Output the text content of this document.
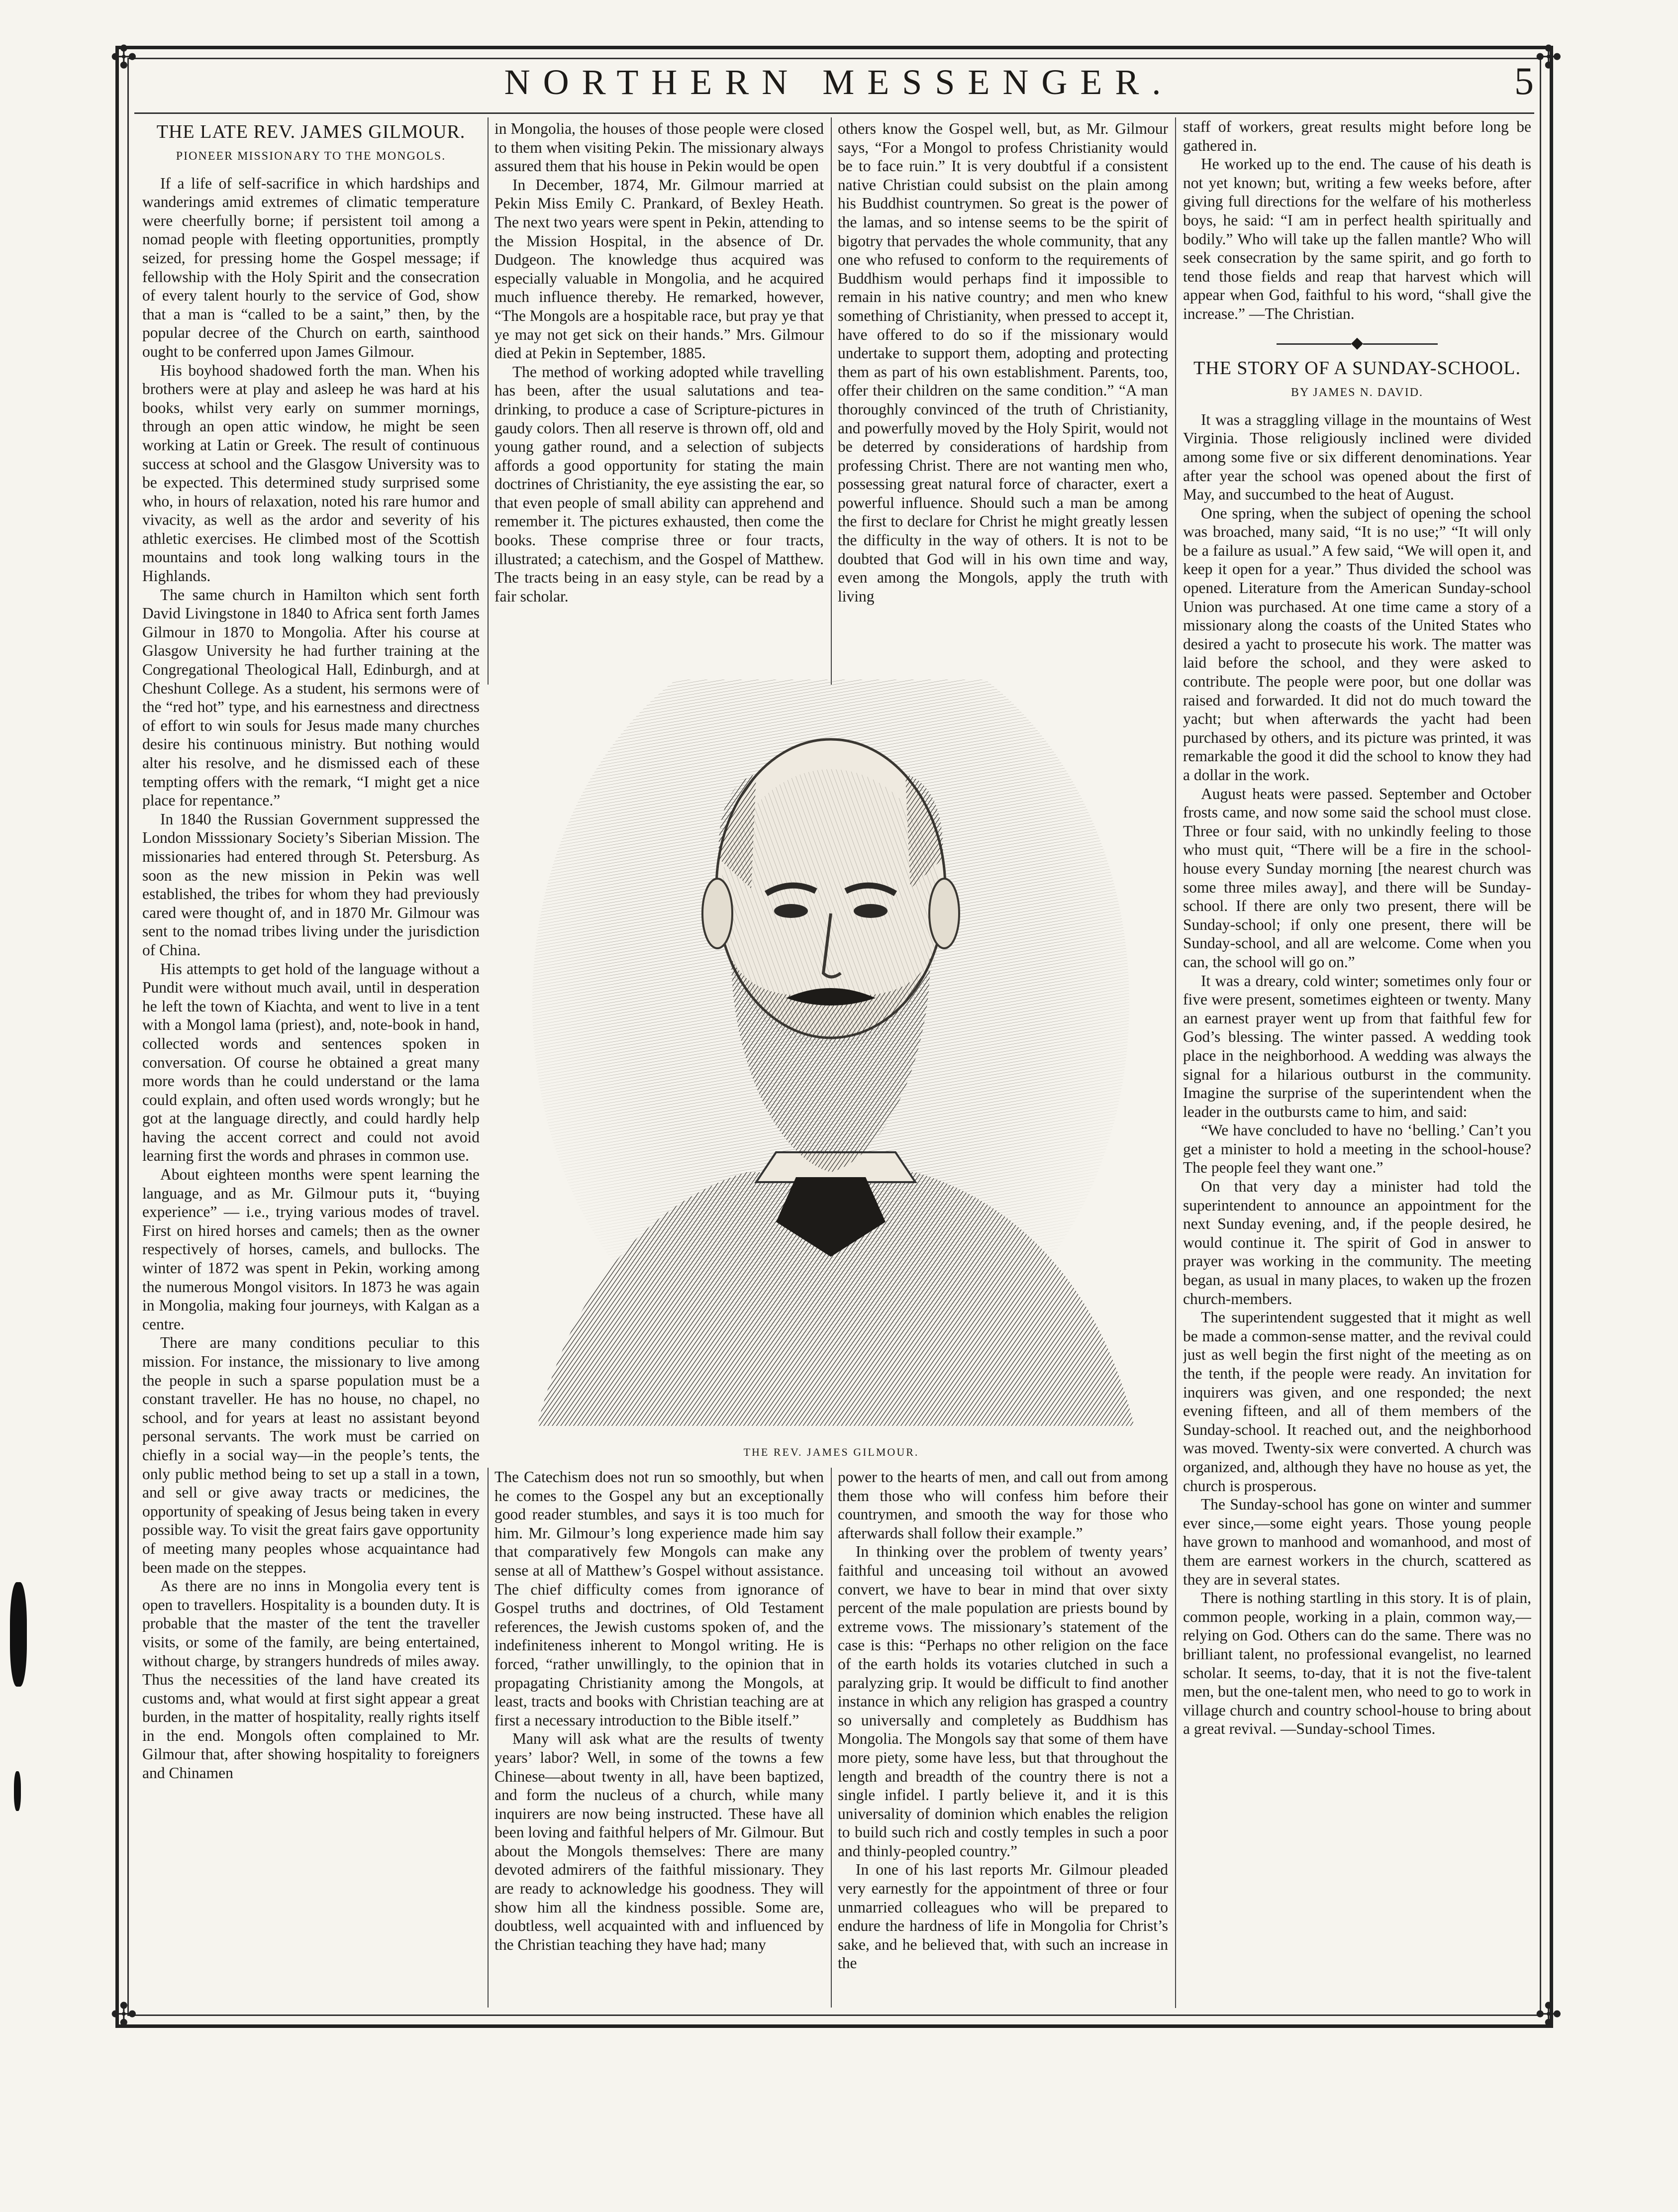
✣	✣
✣	✣
NORTHERN MESSENGER.	5
THE LATE REV. JAMES GILMOUR.
PIONEER MISSIONARY TO THE MONGOLS.

If a life of self-sacrifice in which hardships and wanderings amid extremes of climatic temperature were cheerfully borne; if persistent toil among a nomad people with fleeting opportunities, promptly seized, for pressing home the Gospel message; if fellowship with the Holy Spirit and the consecration of every talent hourly to the service of God, show that a man is “called to be a saint,” then, by the popular decree of the Church on earth, sainthood ought to be conferred upon James Gilmour.

His boyhood shadowed forth the man. When his brothers were at play and asleep he was hard at his books, whilst very early on summer mornings, through an open attic window, he might be seen working at Latin or Greek. The result of continuous success at school and the Glasgow University was to be expected. This determined study surprised some who, in hours of relaxation, noted his rare humor and vivacity, as well as the ardor and severity of his athletic exercises. He climbed most of the Scottish mountains and took long walking tours in the Highlands.

The same church in Hamilton which sent forth David Livingstone in 1840 to Africa sent forth James Gilmour in 1870 to Mongolia. After his course at Glasgow University he had further training at the Congregational Theological Hall, Edinburgh, and at Cheshunt College. As a student, his sermons were of the “red hot” type, and his earnestness and directness of effort to win souls for Jesus made many churches desire his continuous ministry. But nothing would alter his resolve, and he dismissed each of these tempting offers with the remark, “I might get a nice place for repentance.”

In 1840 the Russian Government suppressed the London Misssionary Society’s Siberian Mission. The missionaries had entered through St. Petersburg. As soon as the new mission in Pekin was well established, the tribes for whom they had previously cared were thought of, and in 1870 Mr. Gilmour was sent to the nomad tribes living under the jurisdiction of China.

His attempts to get hold of the language without a Pundit were without much avail, until in desperation he left the town of Kiachta, and went to live in a tent with a Mongol lama (priest), and, note-book in hand, collected words and sentences spoken in conversation. Of course he obtained a great many more words than he could understand or the lama could explain, and often used words wrongly; but he got at the language directly, and could hardly help having the accent correct and could not avoid learning first the words and phrases in common use.

About eighteen months were spent learning the language, and as Mr. Gilmour puts it, “buying experience” — i.e., trying various modes of travel. First on hired horses and camels; then as the owner respectively of horses, camels, and bullocks. The winter of 1872 was spent in Pekin, working among the numerous Mongol visitors. In 1873 he was again in Mongolia, making four journeys, with Kalgan as a centre.

There are many conditions peculiar to this mission. For instance, the missionary to live among the people in such a sparse population must be a constant traveller. He has no house, no chapel, no school, and for years at least no assistant beyond personal servants. The work must be carried on chiefly in a social way—in the people’s tents, the only public method being to set up a stall in a town, and sell or give away tracts or medicines, the opportunity of speaking of Jesus being taken in every possible way. To visit the great fairs gave opportunity of meeting many peoples whose acquaintance had been made on the steppes.

As there are no inns in Mongolia every tent is open to travellers. Hospitality is a bounden duty. It is probable that the master of the tent the traveller visits, or some of the family, are being entertained, without charge, by strangers hundreds of miles away. Thus the necessities of the land have created its customs and, what would at first sight appear a great burden, in the matter of hospitality, really rights itself in the end. Mongols often complained to Mr. Gilmour that, after showing hospitality to foreigners and Chinamen

in Mongolia, the houses of those people were closed to them when visiting Pekin. The missionary always assured them that his house in Pekin would be open

In December, 1874, Mr. Gilmour married at Pekin Miss Emily C. Prankard, of Bexley Heath. The next two years were spent in Pekin, attending to the Mission Hospital, in the absence of Dr. Dudgeon. The knowledge thus acquired was especially valuable in Mongolia, and he acquired much influence thereby. He remarked, however, “The Mongols are a hospitable race, but pray ye that ye may not get sick on their hands.” Mrs. Gilmour died at Pekin in September, 1885.

The method of working adopted while travelling has been, after the usual salutations and tea-drinking, to produce a case of Scripture-pictures in gaudy colors. Then all reserve is thrown off, old and young gather round, and a selection of subjects affords a good opportunity for stating the main doctrines of Christianity, the eye assisting the ear, so that even people of small ability can apprehend and remember it. The pictures exhausted, then come the books. These comprise three or four tracts, illustrated; a catechism, and the Gospel of Matthew. The tracts being in an easy style, can be read by a fair scholar.

others know the Gospel well, but, as Mr. Gilmour says, “For a Mongol to profess Christianity would be to face ruin.” It is very doubtful if a consistent native Christian could subsist on the plain among his Buddhist countrymen. So great is the power of the lamas, and so intense seems to be the spirit of bigotry that pervades the whole community, that any one who refused to conform to the requirements of Buddhism would perhaps find it impossible to remain in his native country; and men who knew something of Christianity, when pressed to accept it, have offered to do so if the missionary would undertake to support them, adopting and protecting them as part of his own establishment. Parents, too, offer their children on the same condition.” “A man thoroughly convinced of the truth of Christianity, and powerfully moved by the Holy Spirit, would not be deterred by considerations of hardship from professing Christ. There are not wanting men who, possessing great natural force of character, exert a powerful influence. Should such a man be among the first to declare for Christ he might greatly lessen the difficulty in the way of others. It is not to be doubted that God will in his own time and way, even among the Mongols, apply the truth with living

THE REV. JAMES GILMOUR.

The Catechism does not run so smoothly, but when he comes to the Gospel any but an exceptionally good reader stumbles, and says it is too much for him. Mr. Gilmour’s long experience made him say that comparatively few Mongols can make any sense at all of Matthew’s Gospel without assistance. The chief difficulty comes from ignorance of Gospel truths and doctrines, of Old Testament references, the Jewish customs spoken of, and the indefiniteness inherent to Mongol writing. He is forced, “rather unwillingly, to the opinion that in propagating Christianity among the Mongols, at least, tracts and books with Christian teaching are at first a necessary introduction to the Bible itself.”

Many will ask what are the results of twenty years’ labor? Well, in some of the towns a few Chinese—about twenty in all, have been baptized, and form the nucleus of a church, while many inquirers are now being instructed. These have all been loving and faithful helpers of Mr. Gilmour. But about the Mongols themselves: There are many devoted admirers of the faithful missionary. They are ready to acknowledge his goodness. They will show him all the kindness possible. Some are, doubtless, well acquainted with and influenced by the Christian teaching they have had; many

power to the hearts of men, and call out from among them those who will confess him before their countrymen, and smooth the way for those who afterwards shall follow their example.”

In thinking over the problem of twenty years’ faithful and unceasing toil without an avowed convert, we have to bear in mind that over sixty percent of the male population are priests bound by extreme vows. The missionary’s statement of the case is this: “Perhaps no other religion on the face of the earth holds its votaries clutched in such a paralyzing grip. It would be difficult to find another instance in which any religion has grasped a country so universally and completely as Buddhism has Mongolia. The Mongols say that some of them have more piety, some have less, but that throughout the length and breadth of the country there is not a single infidel. I partly believe it, and it is this universality of dominion which enables the religion to build such rich and costly temples in such a poor and thinly-peopled country.”

In one of his last reports Mr. Gilmour pleaded very earnestly for the appointment of three or four unmarried colleagues who will be prepared to endure the hardness of life in Mongolia for Christ’s sake, and he believed that, with such an increase in the

staff of workers, great results might before long be gathered in.

He worked up to the end. The cause of his death is not yet known; but, writing a few weeks before, after giving full directions for the welfare of his motherless boys, he said: “I am in perfect health spiritually and bodily.” Who will take up the fallen mantle? Who will seek consecration by the same spirit, and go forth to tend those fields and reap that harvest which will appear when God, faithful to his word, “shall give the increase.” —The Christian.

◆
THE STORY OF A SUNDAY-SCHOOL.
BY JAMES N. DAVID.

It was a straggling village in the mountains of West Virginia. Those religiously inclined were divided among some five or six different denominations. Year after year the school was opened about the first of May, and succumbed to the heat of August.

One spring, when the subject of opening the school was broached, many said, “It is no use;” “It will only be a failure as usual.” A few said, “We will open it, and keep it open for a year.” Thus divided the school was opened. Literature from the American Sunday-school Union was purchased. At one time came a story of a missionary along the coasts of the United States who desired a yacht to prosecute his work. The matter was laid before the school, and they were asked to contribute. The people were poor, but one dollar was raised and forwarded. It did not do much toward the yacht; but when afterwards the yacht had been purchased by others, and its picture was printed, it was remarkable the good it did the school to know they had a dollar in the work.

August heats were passed. September and October frosts came, and now some said the school must close. Three or four said, with no unkindly feeling to those who must quit, “There will be a fire in the school-house every Sunday morning [the nearest church was some three miles away], and there will be Sunday-school. If there are only two present, there will be Sunday-school; if only one present, there will be Sunday-school, and all are welcome. Come when you can, the school will go on.”

It was a dreary, cold winter; sometimes only four or five were present, sometimes eighteen or twenty. Many an earnest prayer went up from that faithful few for God’s blessing. The winter passed. A wedding took place in the neighborhood. A wedding was always the signal for a hilarious outburst in the community. Imagine the surprise of the superintendent when the leader in the outbursts came to him, and said:

“We have concluded to have no ‘belling.’ Can’t you get a minister to hold a meeting in the school-house? The people feel they want one.”

On that very day a minister had told the superintendent to announce an appointment for the next Sunday evening, and, if the people desired, he would continue it. The spirit of God in answer to prayer was working in the community. The meeting began, as usual in many places, to waken up the frozen church-members.

The superintendent suggested that it might as well be made a common-sense matter, and the revival could just as well begin the first night of the meeting as on the tenth, if the people were ready. An invitation for inquirers was given, and one responded; the next evening fifteen, and all of them members of the Sunday-school. It reached out, and the neighborhood was moved. Twenty-six were converted. A church was organized, and, although they have no house as yet, the church is prosperous.

The Sunday-school has gone on winter and summer ever since,—some eight years. Those young people have grown to manhood and womanhood, and most of them are earnest workers in the church, scattered as they are in several states.

There is nothing startling in this story. It is of plain, common people, working in a plain, common way,—relying on God. Others can do the same. There was no brilliant talent, no professional evangelist, no learned scholar. It seems, to-day, that it is not the five-talent men, but the one-talent men, who need to go to work in village church and country school-house to bring about a great revival. —Sunday-school Times.
